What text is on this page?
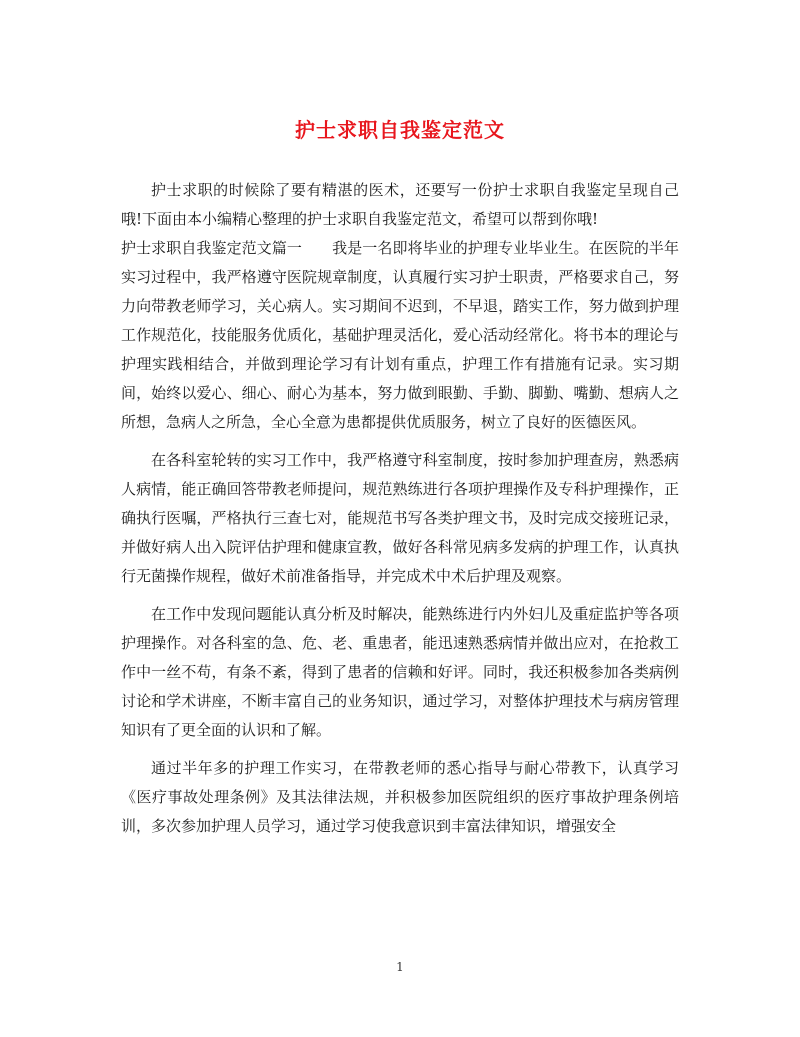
护士求职自我鉴定范文

护士求职的时候除了要有精湛的医术，还要写一份护士求职自我鉴定呈现自己哦!下面由本小编精心整理的护士求职自我鉴定范文，希望可以帮到你哦!

护士求职自我鉴定范文篇一 我是一名即将毕业的护理专业毕业生。在医院的半年实习过程中，我严格遵守医院规章制度，认真履行实习护士职责，严格要求自己，努力向带教老师学习，关心病人。实习期间不迟到，不早退，踏实工作，努力做到护理工作规范化，技能服务优质化，基础护理灵活化，爱心活动经常化。将书本的理论与护理实践相结合，并做到理论学习有计划有重点，护理工作有措施有记录。实习期间，始终以爱心、细心、耐心为基本，努力做到眼勤、手勤、脚勤、嘴勤、想病人之所想，急病人之所急，全心全意为患都提供优质服务，树立了良好的医德医风。

在各科室轮转的实习工作中，我严格遵守科室制度，按时参加护理查房，熟悉病人病情，能正确回答带教老师提问，规范熟练进行各项护理操作及专科护理操作，正确执行医嘱，严格执行三查七对，能规范书写各类护理文书，及时完成交接班记录，并做好病人出入院评估护理和健康宣教，做好各科常见病多发病的护理工作，认真执行无菌操作规程，做好术前准备指导，并完成术中术后护理及观察。

在工作中发现问题能认真分析及时解决，能熟练进行内外妇儿及重症监护等各项护理操作。对各科室的急、危、老、重患者，能迅速熟悉病情并做出应对，在抢救工作中一丝不苟，有条不紊，得到了患者的信赖和好评。同时，我还积极参加各类病例讨论和学术讲座，不断丰富自己的业务知识，通过学习，对整体护理技术与病房管理知识有了更全面的认识和了解。

通过半年多的护理工作实习，在带教老师的悉心指导与耐心带教下，认真学习《医疗事故处理条例》及其法律法规，并积极参加医院组织的医疗事故护理条例培训，多次参加护理人员学习，通过学习使我意识到丰富法律知识，增强安全

1
